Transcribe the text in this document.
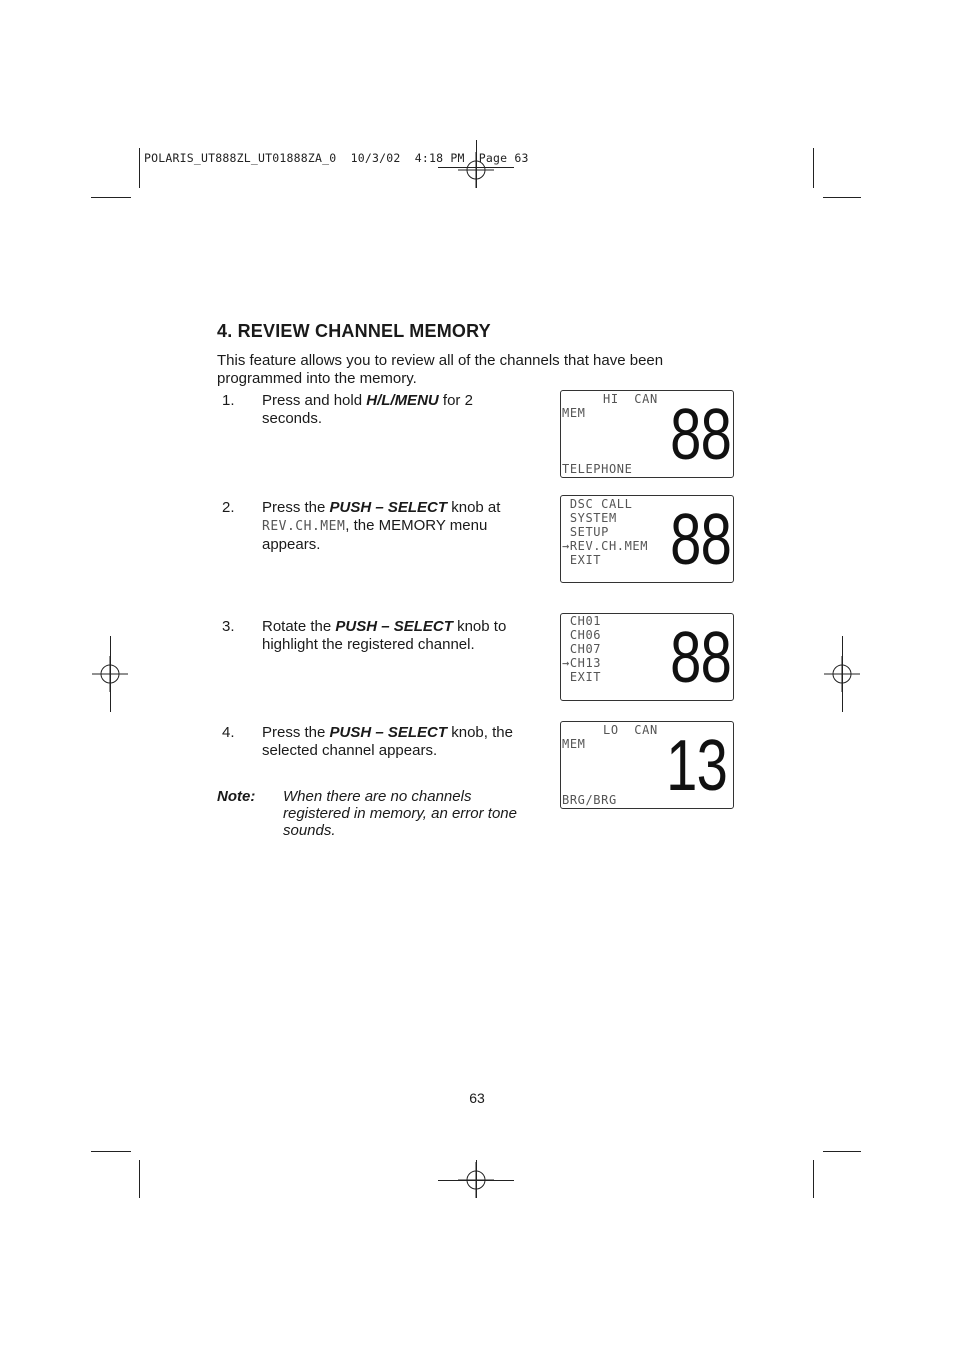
POLARIS_UT888ZL_UT01888ZA_0  10/3/02  4:18 PM  Page 63
4. REVIEW CHANNEL MEMORY

This feature allows you to review all of the channels that have been programmed into the memory.

1. Press and hold H/L/MENU for 2 seconds.
2. Press the PUSH – SELECT knob at REV.CH.MEM, the MEMORY menu appears.
3. Rotate the PUSH – SELECT knob to highlight the registered channel.
4. Press the PUSH – SELECT knob, the selected channel appears.
Note: When there are no channels registered in memory, an error tone sounds.
HI  CAN
MEM
TELEPHONE 88
DSC CALL
SYSTEM
SETUP
→REV.CH.MEM
EXIT 88
CH01
CH06
CH07
→CH13
EXIT 88
LO  CAN
MEM
BRG/BRG 13
63
